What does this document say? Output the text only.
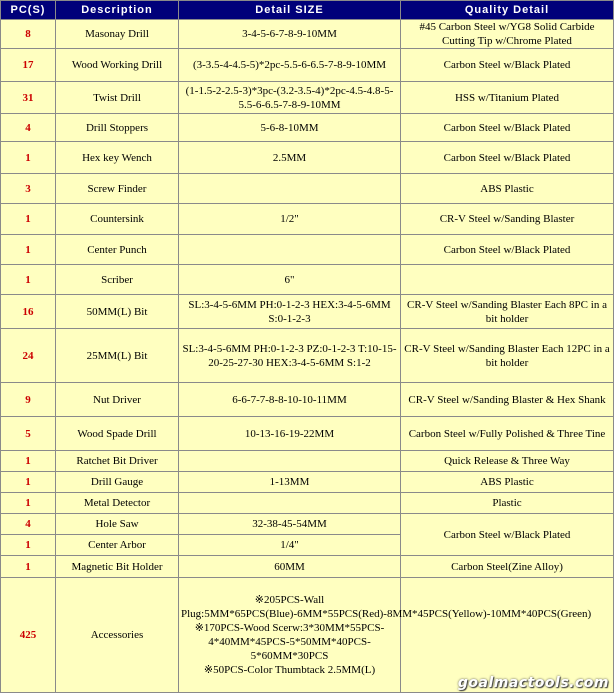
PC(S)	Description	Detail SIZE	Quality Detail
8	Masonay Drill	3-4-5-6-7-8-9-10MM	#45 Carbon Steel w/YG8 Solid Carbide Cutting Tip w/Chrome Plated
17	Wood Working Drill	(3-3.5-4-4.5-5)*2pc-5.5-6-6.5-7-8-9-10MM	Carbon Steel w/Black Plated
31	Twist Drill	(1-1.5-2-2.5-3)*3pc-(3.2-3.5-4)*2pc-4.5-4.8-5-5.5-6-6.5-7-8-9-10MM	HSS w/Titanium Plated
4	Drill Stoppers	5-6-8-10MM	Carbon Steel w/Black Plated
1	Hex key Wench	2.5MM	Carbon Steel w/Black Plated
3	Screw Finder		ABS Plastic
1	Countersink	1/2"	CR-V Steel w/Sanding Blaster
1	Center Punch		Carbon Steel w/Black Plated
1	Scriber	6"	
16	50MM(L) Bit	SL:3-4-5-6MM PH:0-1-2-3 HEX:3-4-5-6MM S:0-1-2-3	CR-V Steel w/Sanding Blaster Each 8PC in a bit holder
24	25MM(L) Bit	SL:3-4-5-6MM PH:0-1-2-3 PZ:0-1-2-3 T:10-15-20-25-27-30 HEX:3-4-5-6MM S:1-2	CR-V Steel w/Sanding Blaster Each 12PC in a bit holder
9	Nut Driver	6-6-7-7-8-8-10-10-11MM	CR-V Steel w/Sanding Blaster & Hex Shank
5	Wood Spade Drill	10-13-16-19-22MM	Carbon Steel w/Fully Polished & Three Tine
1	Ratchet Bit Driver		Quick Release & Three Way
1	Drill Gauge	1-13MM	ABS Plastic
1	Metal Detector		Plastic
4	Hole Saw	32-38-45-54MM	Carbon Steel w/Black Plated
1	Center Arbor	1/4"	
1	Magnetic Bit Holder	60MM	Carbon Steel(Zine Alloy)
425	Accessories	※205PCS-Wall Plug:5MM*65PCS(Blue)-6MM*55PCS(Red)-8MM*45PCS(Yellow)-10MM*40PCS(Green)
※170PCS-Wood Scerw:3*30MM*55PCS-4*40MM*45PCS-5*50MM*40PCS-5*60MM*30PCS
※50PCS-Color Thumbtack 2.5MM(L)	

goalmactools.com
